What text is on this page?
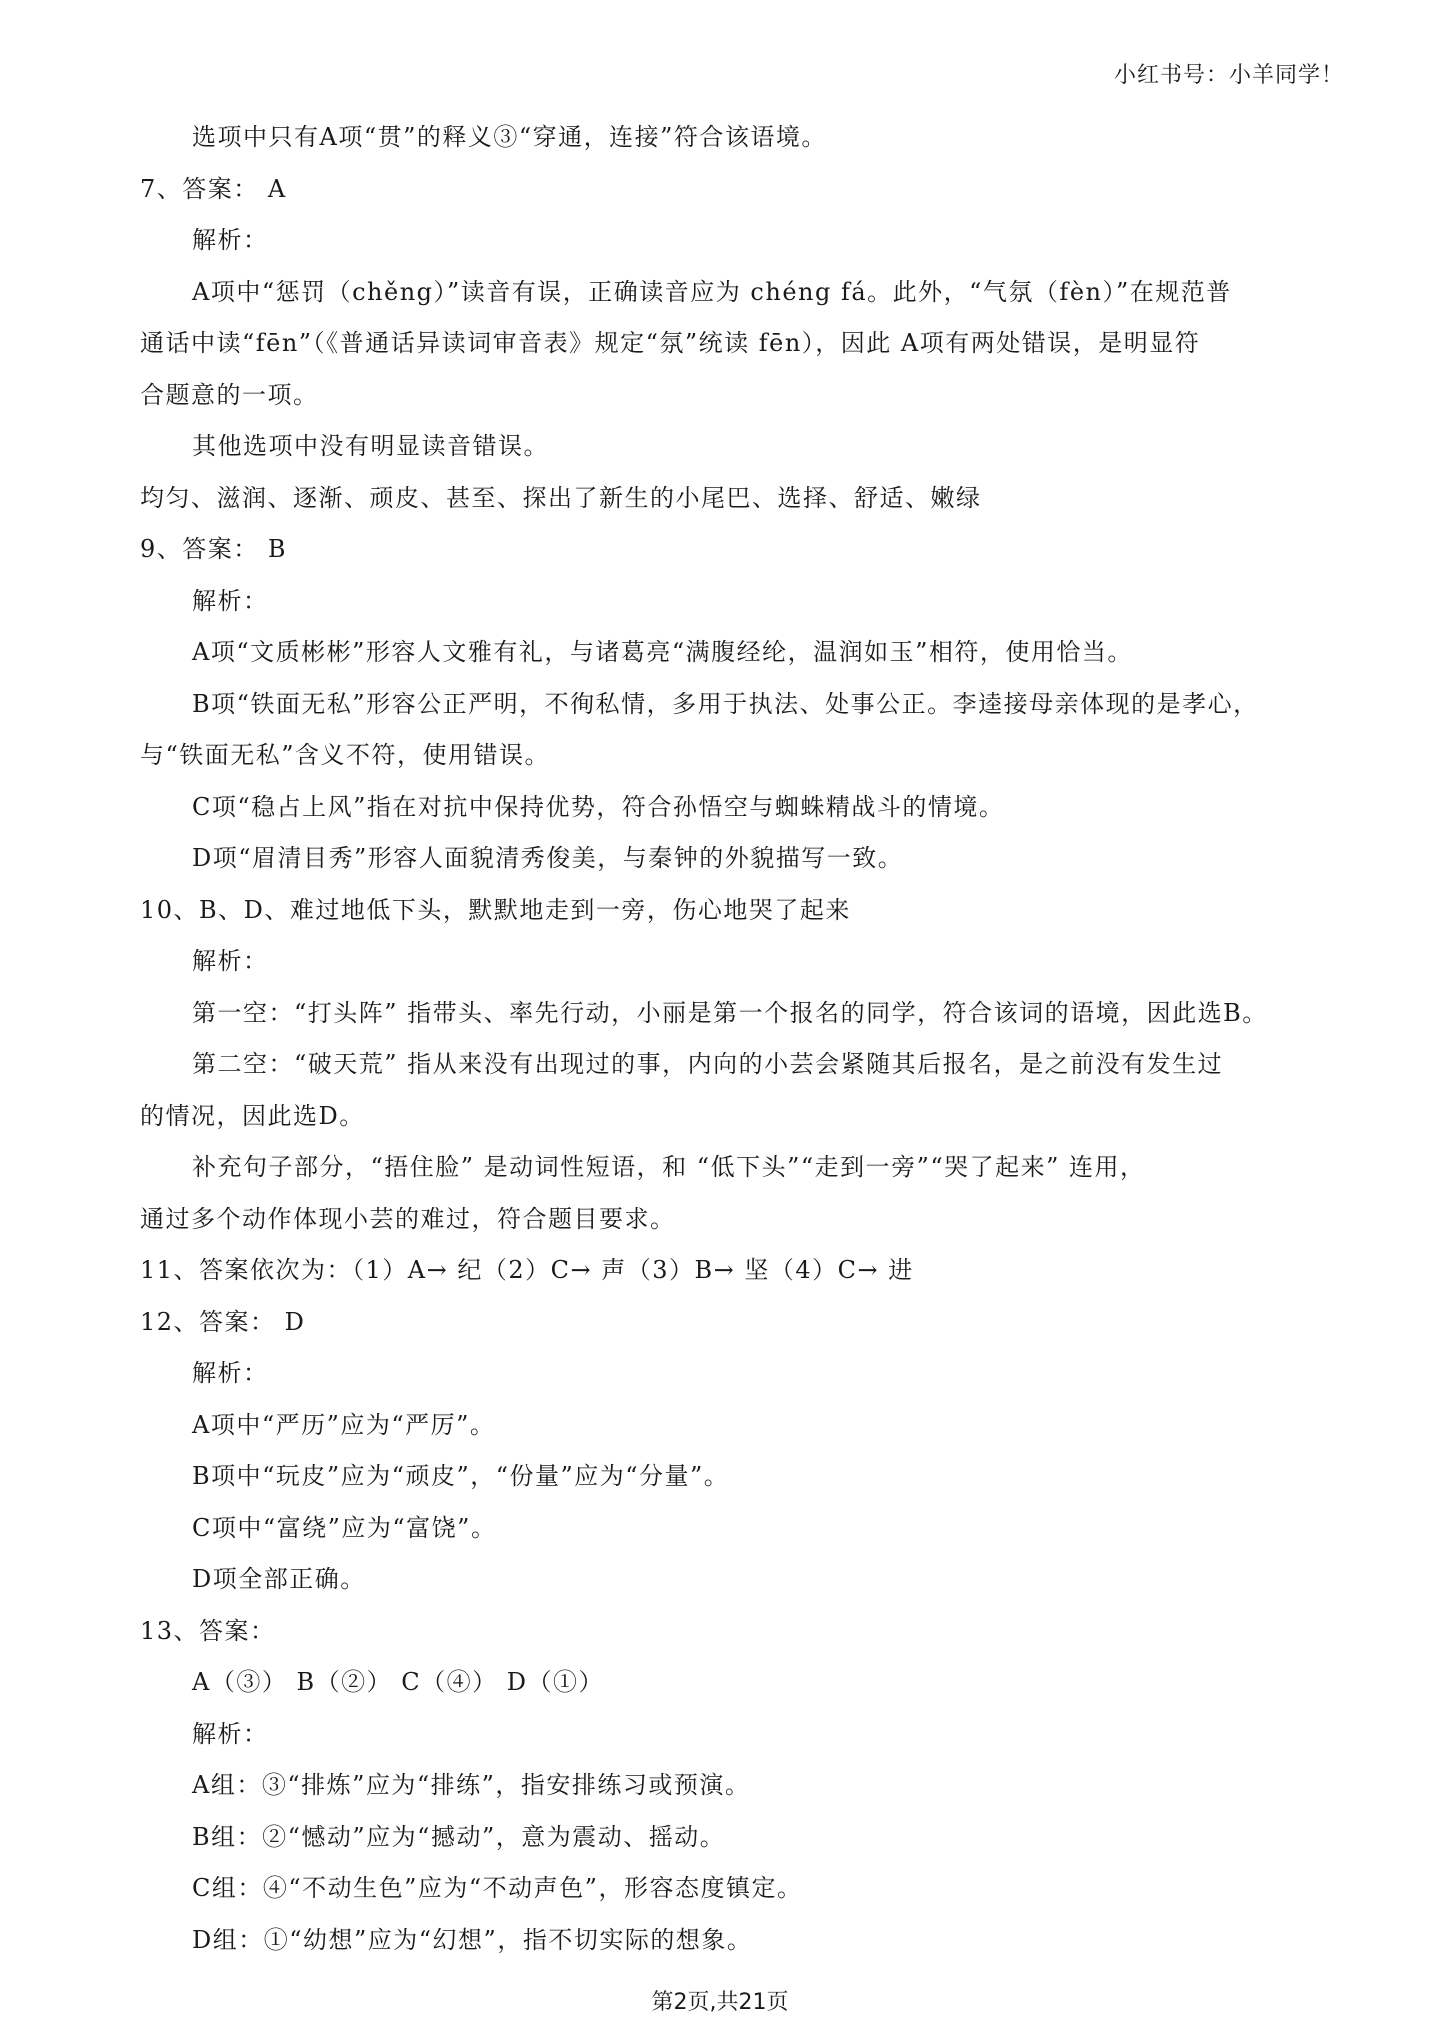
小红书号：小羊同学！
选项中只有A项“贯”的释义③“穿通，连接”符合该语境。
7、答案： A
解析：
A项中“惩罚（chěng）”读音有误，正确读音应为 chéng fá。此外，“气氛（fèn）”在规范普
通话中读“fēn”（《普通话异读词审音表》规定“氛”统读 fēn），因此 A项有两处错误，是明显符
合题意的一项。
其他选项中没有明显读音错误。
均匀、滋润、逐渐、顽皮、甚至、探出了新生的小尾巴、选择、舒适、嫩绿
9、答案： B
解析：
A项“文质彬彬”形容人文雅有礼，与诸葛亮“满腹经纶，温润如玉”相符，使用恰当。
B项“铁面无私”形容公正严明，不徇私情，多用于执法、处事公正。李逵接母亲体现的是孝心，
与“铁面无私”含义不符，使用错误。
C项“稳占上风”指在对抗中保持优势，符合孙悟空与蜘蛛精战斗的情境。
D项“眉清目秀”形容人面貌清秀俊美，与秦钟的外貌描写一致。
10、B、D、难过地低下头，默默地走到一旁，伤心地哭了起来
解析：
第一空：“打头阵” 指带头、率先行动，小丽是第一个报名的同学，符合该词的语境，因此选B。
第二空：“破天荒” 指从来没有出现过的事，内向的小芸会紧随其后报名，是之前没有发生过
的情况，因此选D。
补充句子部分，“捂住脸” 是动词性短语，和 “低下头”“走到一旁”“哭了起来” 连用，
通过多个动作体现小芸的难过，符合题目要求。
11、答案依次为：（1）A→ 纪（2）C→ 声（3）B→ 坚（4）C→ 进
12、答案： D
解析：
A项中“严历”应为“严厉”。
B项中“玩皮”应为“顽皮”，“份量”应为“分量”。
C项中“富绕”应为“富饶”。
D项全部正确。
13、答案：
A（③） B（②） C（④） D（①）
解析：
A组：③“排炼”应为“排练”，指安排练习或预演。
B组：②“憾动”应为“撼动”，意为震动、摇动。
C组：④“不动生色”应为“不动声色”，形容态度镇定。
D组：①“幼想”应为“幻想”，指不切实际的想象。
第2页,共21页
